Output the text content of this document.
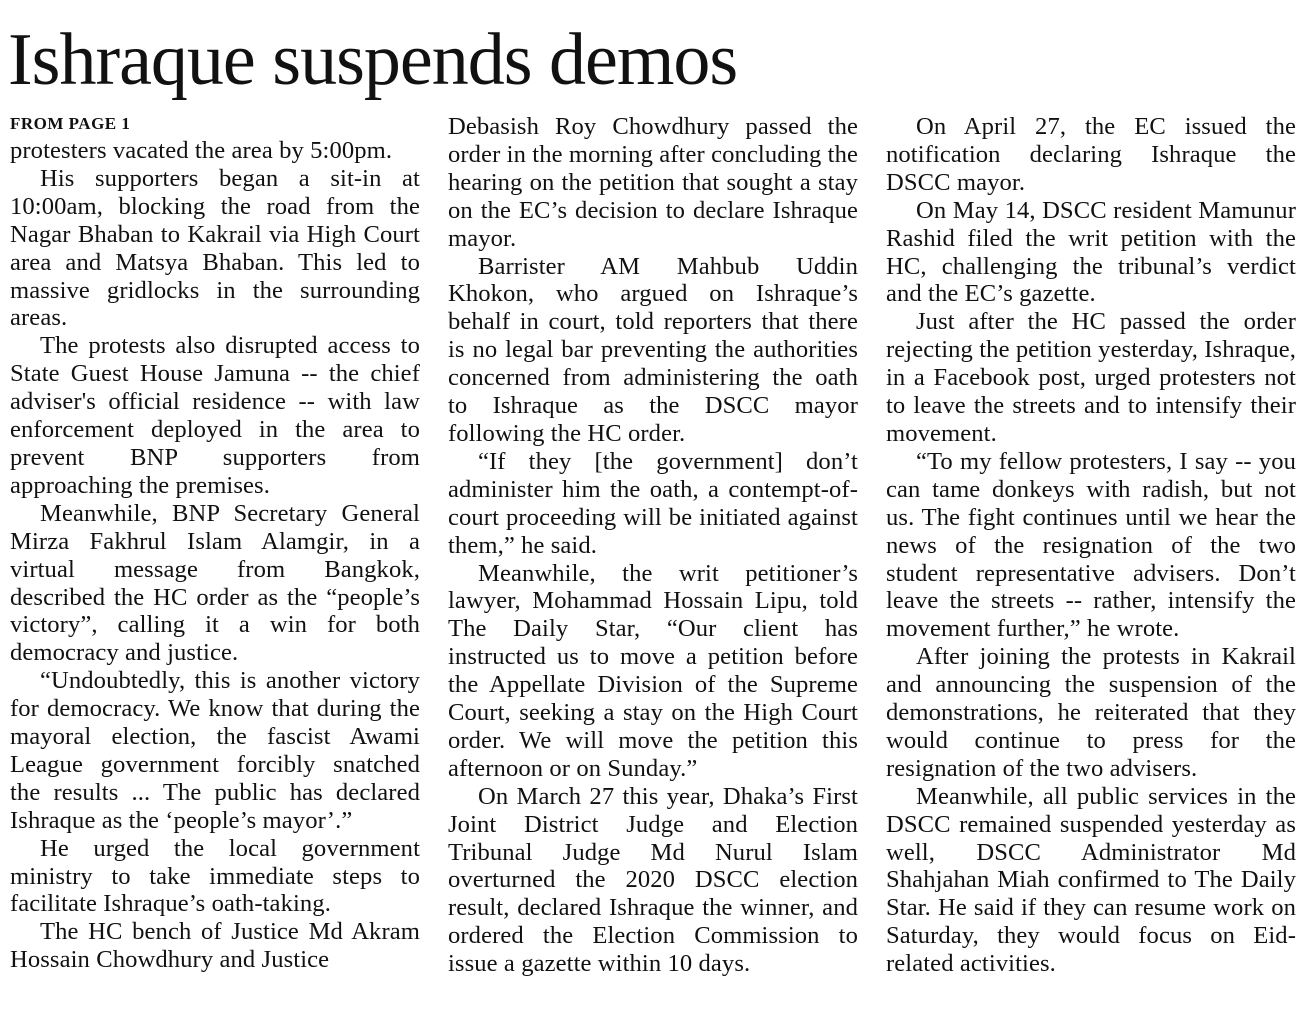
Ishraque suspends demos
FROM PAGE 1

protesters vacated the area by 5:00pm.

His supporters began a sit-in at 10:00am, blocking the road from the Nagar Bhaban to Kakrail via High Court area and Matsya Bhaban. This led to massive gridlocks in the surrounding areas.

The protests also disrupted access to State Guest House Jamuna -- the chief adviser's official residence -- with law enforcement deployed in the area to prevent BNP supporters from approaching the premises.

Meanwhile, BNP Secretary General Mirza Fakhrul Islam Alamgir, in a virtual message from Bangkok, described the HC order as the “people’s victory”, calling it a win for both democracy and justice.

“Undoubtedly, this is another victory for democracy. We know that during the mayoral election, the fascist Awami League government forcibly snatched the results ... The public has declared Ishraque as the ‘people’s mayor’.”

He urged the local government ministry to take immediate steps to facilitate Ishraque’s oath-taking.

The HC bench of Justice Md Akram Hossain Chowdhury and Justice

Debasish Roy Chowdhury passed the order in the morning after concluding the hearing on the petition that sought a stay on the EC’s decision to declare Ishraque mayor.

Barrister AM Mahbub Uddin Khokon, who argued on Ishraque’s behalf in court, told reporters that there is no legal bar preventing the authorities concerned from administering the oath to Ishraque as the DSCC mayor following the HC order.

“If they [the government] don’t administer him the oath, a contempt-of-court proceeding will be initiated against them,” he said.

Meanwhile, the writ petitioner’s lawyer, Mohammad Hossain Lipu, told The Daily Star, “Our client has instructed us to move a petition before the Appellate Division of the Supreme Court, seeking a stay on the High Court order. We will move the petition this afternoon or on Sunday.”

On March 27 this year, Dhaka’s First Joint District Judge and Election Tribunal Judge Md Nurul Islam overturned the 2020 DSCC election result, declared Ishraque the winner, and ordered the Election Commission to issue a gazette within 10 days.

On April 27, the EC issued the notification declaring Ishraque the DSCC mayor.

On May 14, DSCC resident Mamunur Rashid filed the writ petition with the HC, challenging the tribunal’s verdict and the EC’s gazette.

Just after the HC passed the order rejecting the petition yesterday, Ishraque, in a Facebook post, urged protesters not to leave the streets and to intensify their movement.

“To my fellow protesters, I say -- you can tame donkeys with radish, but not us. The fight continues until we hear the news of the resignation of the two student representative advisers. Don’t leave the streets -- rather, intensify the movement further,” he wrote.

After joining the protests in Kakrail and announcing the suspension of the demonstrations, he reiterated that they would continue to press for the resignation of the two advisers.

Meanwhile, all public services in the DSCC remained suspended yesterday as well, DSCC Administrator Md Shahjahan Miah confirmed to The Daily Star. He said if they can resume work on Saturday, they would focus on Eid-related activities.
